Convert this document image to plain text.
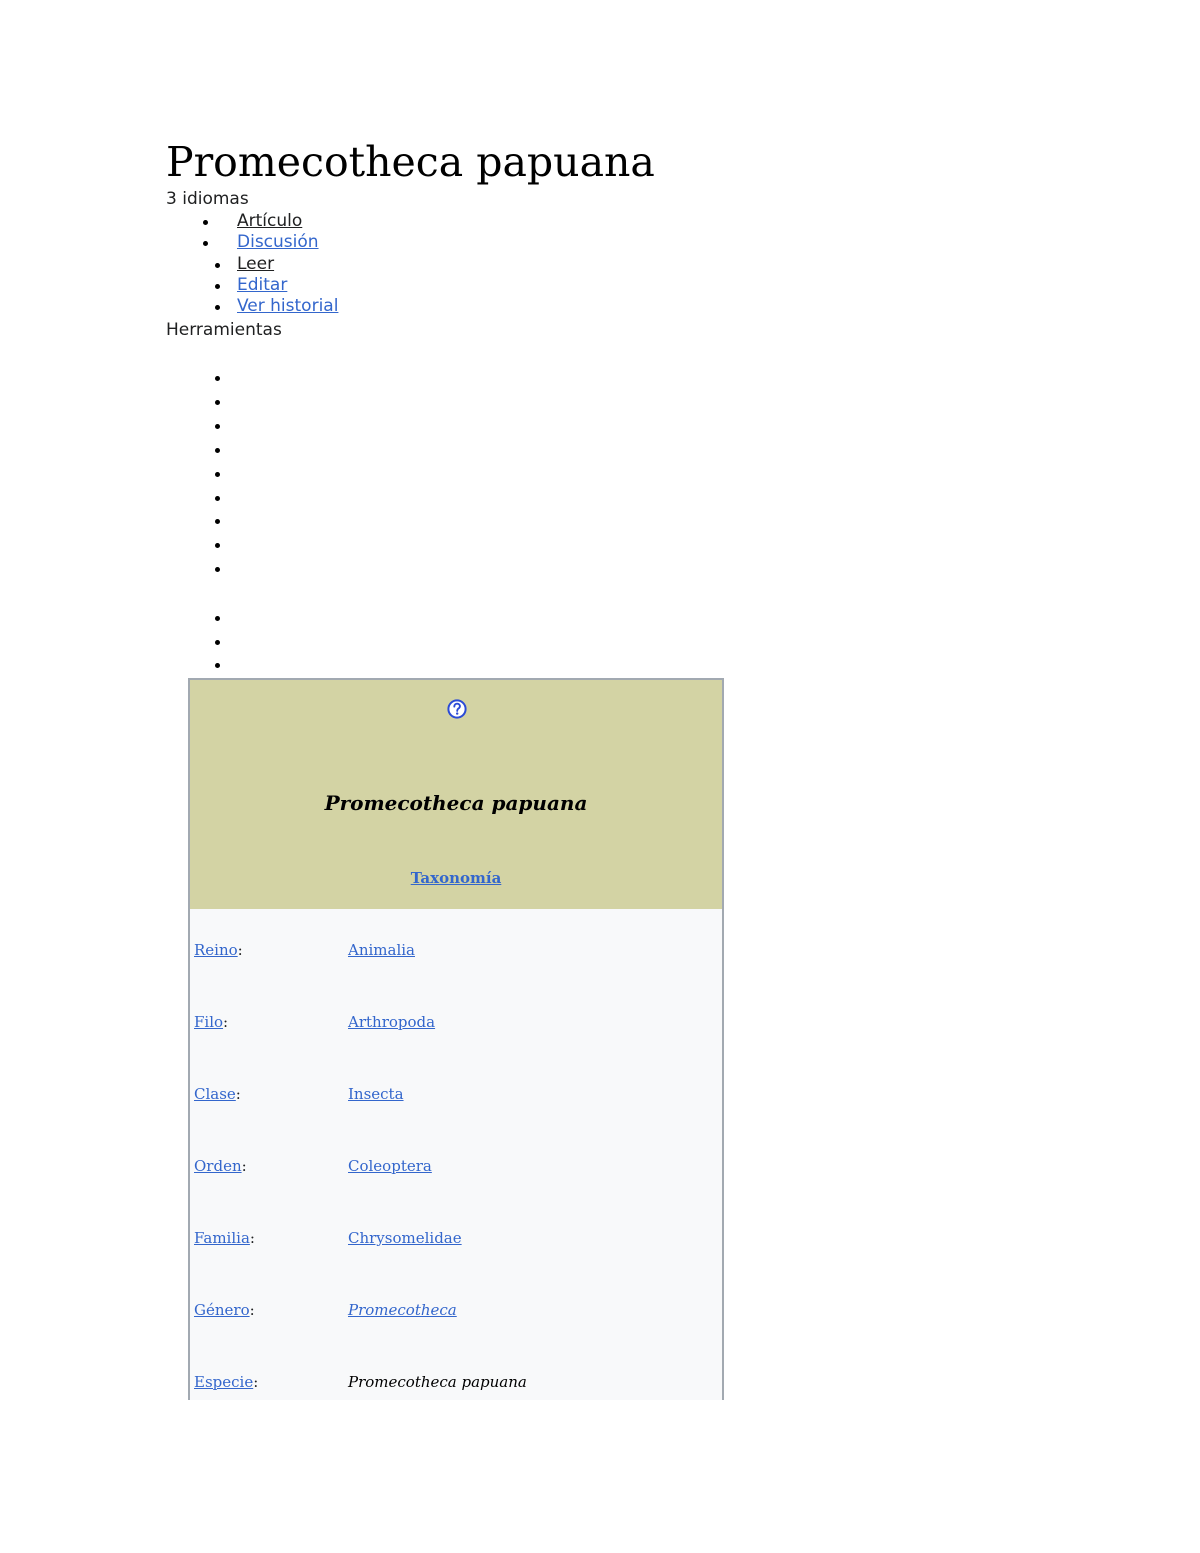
Promecotheca papuana
3 idiomas
Artículo
Discusión
Leer
Editar
Ver historial
Herramientas
Promecotheca papuana
Taxonomía
Reino:	Animalia
Filo:	Arthropoda
Clase:	Insecta
Orden:	Coleoptera
Familia:	Chrysomelidae
Género:	Promecotheca
Especie:	Promecotheca papuana
